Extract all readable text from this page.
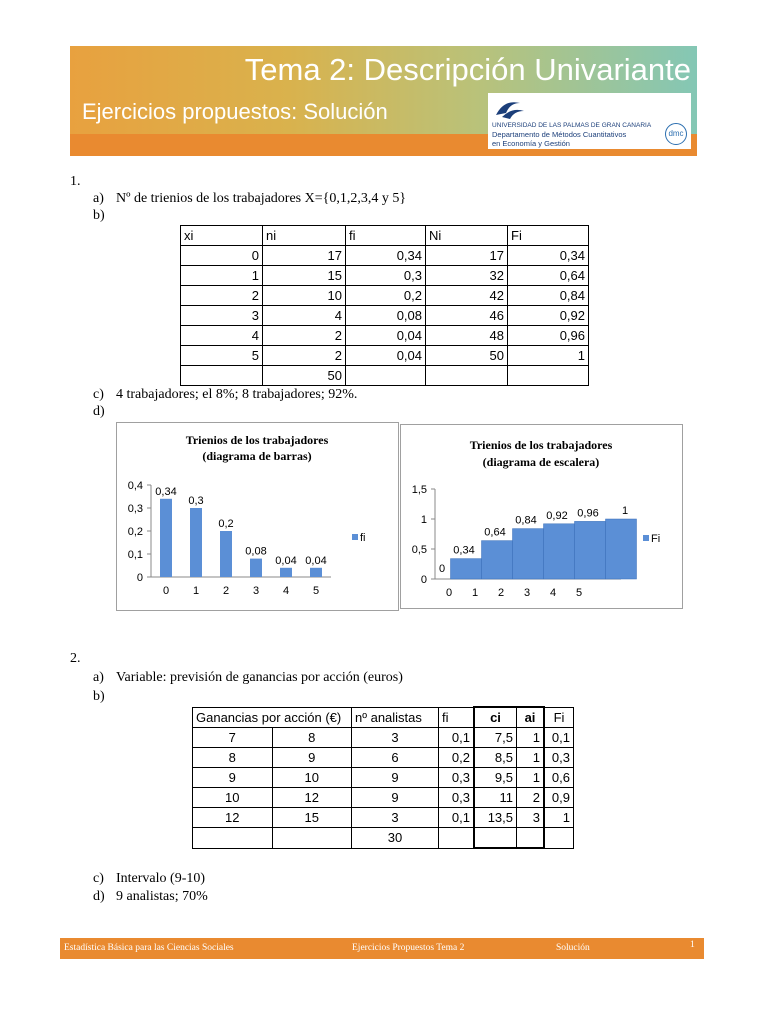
Tema 2: Descripción Univariante
Ejercicios propuestos: Solución
UNIVERSIDAD DE LAS PALMAS DE GRAN CANARIA
Departamento de Métodos Cuantitativos
en Economía y Gestión
dmc
1.
a) Nº de trienios de los trabajadores X={0,1,2,3,4 y 5}
b)
xi	ni	fi	Ni	Fi
0	17	0,34	17	0,34
1	15	0,3	32	0,64
2	10	0,2	42	0,84
3	4	0,08	46	0,92
4	2	0,04	48	0,96
5	2	0,04	50	1
	50			
c) 4 trabajadores; el 8%; 8 trabajadores; 92%.
d)
Trienios de los trabajadores
(diagrama de barras)
0
0,1
0,2
0,3
0,4 0,34
0,3
0,2
0,08
0,04 0,04
0 1 2 3 4 5
fi
Trienios de los trabajadores
(diagrama de escalera)
0
0,5
1
1,5
0
0,34
0,64
0,84 0,92 0,96 1
0 1 2 3 4 5
Fi
2.
a) Variable: previsión de ganancias por acción (euros)
b)
Ganancias por acción (€)		nº analistas	fi	ci	ai	Fi
7	8	3	0,1	7,5	1	0,1
8	9	6	0,2	8,5	1	0,3
9	10	9	0,3	9,5	1	0,6
10	12	9	0,3	11	2	0,9
12	15	3	0,1	13,5	3	1
		30				
c) Intervalo (9-10)
d) 9 analistas; 70%
Estadística Básica para las Ciencias Sociales	Ejercicios Propuestos Tema 2	Solución	1
